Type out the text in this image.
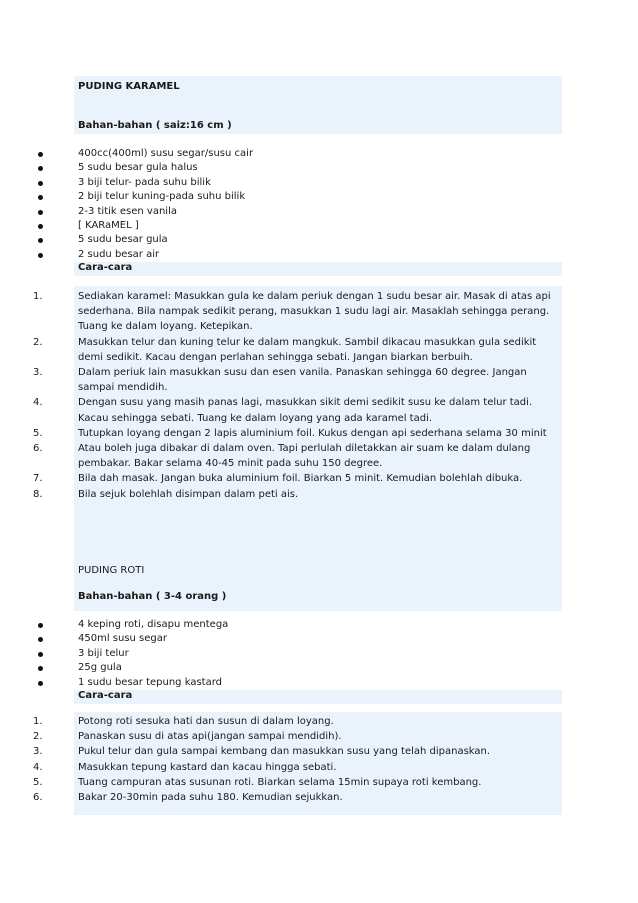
PUDING KARAMEL
Bahan-bahan ( saiz:16 cm )
400cc(400ml) susu segar/susu cair
5 sudu besar gula halus
3 biji telur- pada suhu bilik
2 biji telur kuning-pada suhu bilik
2-3 titik esen vanila
[ KARaMEL ]
5 sudu besar gula
2 sudu besar air
Cara-cara
1.	Sediakan karamel: Masukkan gula ke dalam periuk dengan 1 sudu besar air. Masak di atas api sederhana. Bila nampak sedikit perang, masukkan 1 sudu lagi air. Masaklah sehingga perang. Tuang ke dalam loyang. Ketepikan.
2.	Masukkan telur dan kuning telur ke dalam mangkuk. Sambil dikacau masukkan gula sedikit demi sedikit. Kacau dengan perlahan sehingga sebati. Jangan biarkan berbuih.
3.	Dalam periuk lain masukkan susu dan esen vanila. Panaskan sehingga 60 degree. Jangan sampai mendidih.
4.	Dengan susu yang masih panas lagi, masukkan sikit demi sedikit susu ke dalam telur tadi. Kacau sehingga sebati. Tuang ke dalam loyang yang ada karamel tadi.
5.	Tutupkan loyang dengan 2 lapis aluminium foil. Kukus dengan api sederhana selama 30 minit
6.	Atau boleh juga dibakar di dalam oven. Tapi perlulah diletakkan air suam ke dalam dulang pembakar. Bakar selama 40-45 minit pada suhu 150 degree.
7.	Bila dah masak. Jangan buka aluminium foil. Biarkan 5 minit. Kemudian bolehlah dibuka.
8.	Bila sejuk bolehlah disimpan dalam peti ais.
PUDING ROTI
Bahan-bahan ( 3-4 orang )
4 keping roti, disapu mentega
450ml susu segar
3 biji telur
25g gula
1 sudu besar tepung kastard
Cara-cara
1.	Potong roti sesuka hati dan susun di dalam loyang.
2.	Panaskan susu di atas api(jangan sampai mendidih).
3.	Pukul telur dan gula sampai kembang dan masukkan susu yang telah dipanaskan.
4.	Masukkan tepung kastard dan kacau hingga sebati.
5.	Tuang campuran atas susunan roti. Biarkan selama 15min supaya roti kembang.
6.	Bakar 20-30min pada suhu 180. Kemudian sejukkan.
